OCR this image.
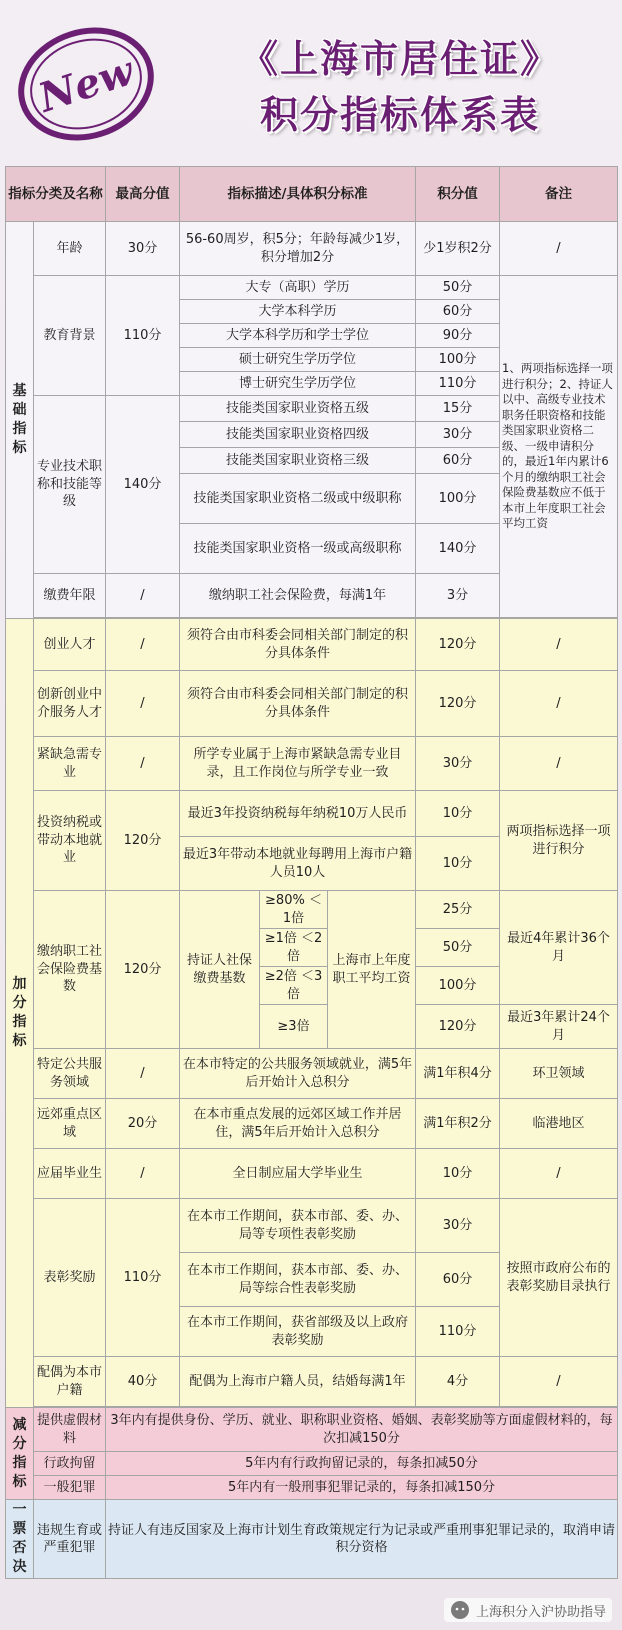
New	《上海市居住证》
积分指标体系表
指标分类及名称		最高分值	指标描述/具体积分标准			积分值	备注	

基
础
指
标	年龄	30分	56-60周岁，积5分；年龄每减少1岁，积分增加2分			少1岁积2分	/	
	教育背景	110分	大专（高职）学历			50分	1、两项指标选择一项进行积分；2、持证人以中、高级专业技术职务任职资格和技能类国家职业资格二级、一级申请积分的，最近1年内累计6个月的缴纳职工社会保险费基数应不低于本市上年度职工社会平均工资	
			大学本科学历			60分		
			大学本科学历和学士学位			90分		
			硕士研究生学历学位			100分		
			博士研究生学历学位			110分		
	专业技术职称和技能等级	140分	技能类国家职业资格五级			15分		
			技能类国家职业资格四级			30分		
			技能类国家职业资格三级			60分		
			技能类国家职业资格二级或中级职称			100分		
			技能类国家职业资格一级或高级职称			140分		
	缴费年限	/	缴纳职工社会保险费，每满1年			3分		

加
分
指
标	创业人才	/	须符合由市科委会同相关部门制定的积分具体条件			120分	/	
	创新创业中介服务人才	/	须符合由市科委会同相关部门制定的积分具体条件			120分	/	
	紧缺急需专业	/	所学专业属于上海市紧缺急需专业目录，且工作岗位与所学专业一致			30分	/	
	投资纳税或带动本地就业	120分	最近3年投资纳税每年纳税10万人民币			10分	两项指标选择一项进行积分	
			最近3年带动本地就业每聘用上海市户籍人员10人			10分		
	缴纳职工社会保险费基数	120分	持证人社保缴费基数	≥80% ＜1倍	上海市上年度职工平均工资	25分	最近4年累计36个月	
				≥1倍 ＜2倍		50分		
				≥2倍 ＜3倍		100分		
				≥3倍		120分	最近3年累计24个月	
	特定公共服务领域	/	在本市特定的公共服务领域就业，满5年后开始计入总积分			满1年积4分	环卫领域	
	远郊重点区域	20分	在本市重点发展的远郊区域工作并居住，满5年后开始计入总积分			满1年积2分	临港地区	
	应届毕业生	/	全日制应届大学毕业生			10分	/	
	表彰奖励	110分	在本市工作期间，获本市部、委、办、局等专项性表彰奖励			30分	按照市政府公布的表彰奖励目录执行	
			在本市工作期间，获本市部、委、办、局等综合性表彰奖励			60分		
			在本市工作期间，获省部级及以上政府表彰奖励			110分		
	配偶为本市户籍	40分	配偶为上海市户籍人员，结婚每满1年			4分	/	

减
分
指
标	提供虚假材料	3年内有提供身份、学历、就业、职称职业资格、婚姻、表彰奖励等方面虚假材料的，每次扣减150分						
	行政拘留	5年内有行政拘留记录的，每条扣减50分						
	一般犯罪	5年内有一般刑事犯罪记录的，每条扣减150分						

一
票
否
决	违规生育或严重犯罪	持证人有违反国家及上海市计划生育政策规定行为记录或严重刑事犯罪记录的，取消申请积分资格						
上海积分入沪协助指导
